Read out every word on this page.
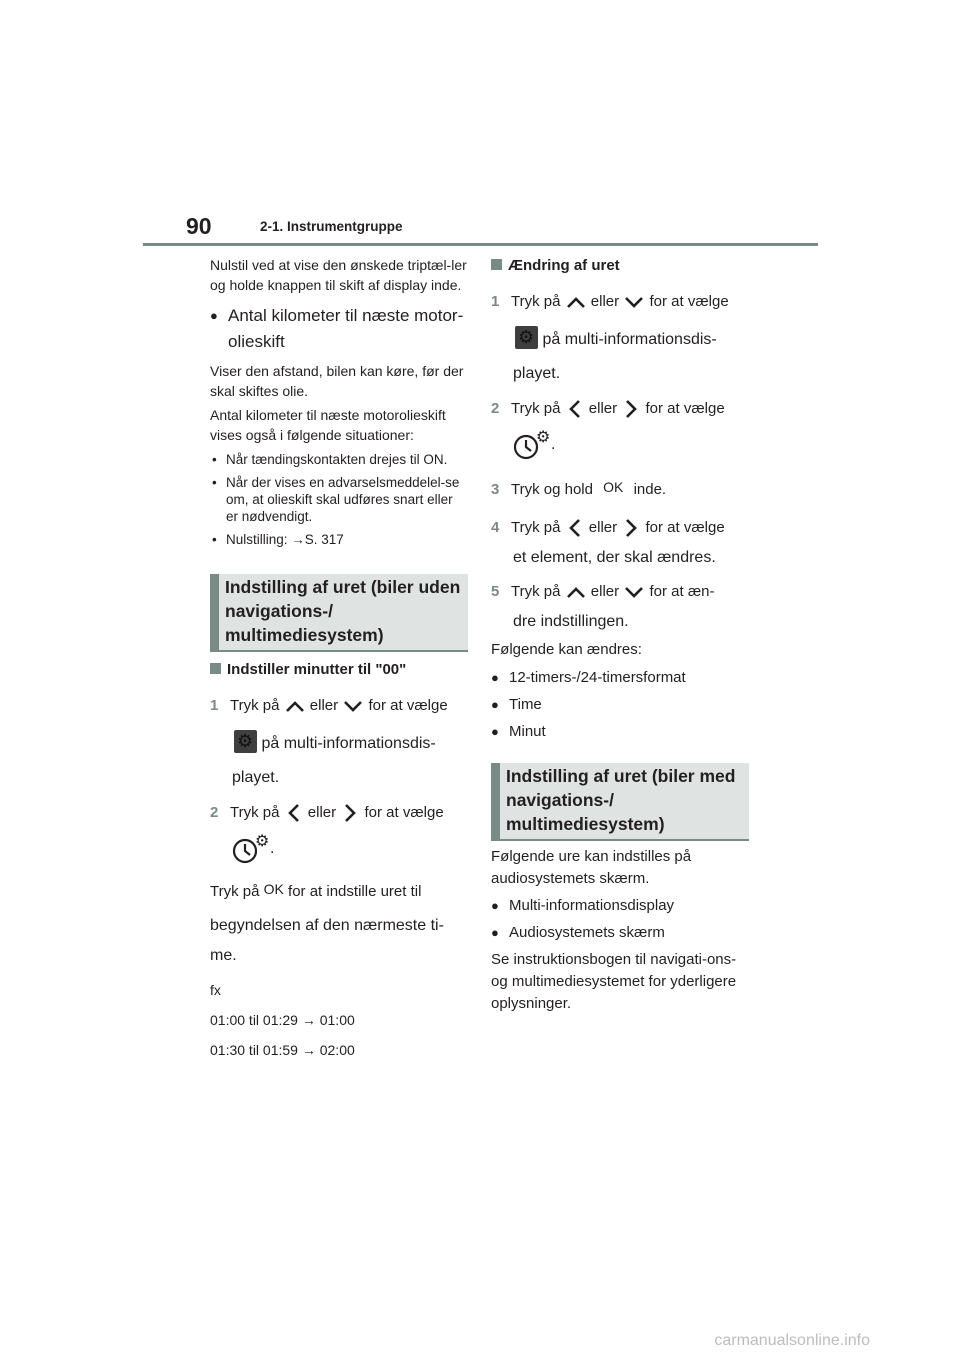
90	2-1. Instrumentgruppe

Nulstil ved at vise den ønskede triptæl-ler og holde knappen til skift af display inde.

● Antal kilometer til næste motor-olieskift

Viser den afstand, bilen kan køre, før der skal skiftes olie.

Antal kilometer til næste motorolieskift vises også i følgende situationer:

• Når tændingskontakten drejes til ON.

• Når der vises en advarselsmeddelel-se om, at olieskift skal udføres snart eller er nødvendigt.

• Nulstilling: →S. 317

Indstilling af uret (biler uden navigations-/ multimediesystem)

Indstiller minutter til "00"

1 Tryk på eller for at vælge

⚙ på multi-informationsdis-

playet.

2 Tryk på eller for at vælge

⚙ .

Tryk på OK for at indstille uret til

begyndelsen af den nærmeste ti-

me.

fx

01:00 til 01:29 → 01:00

01:30 til 01:59 → 02:00

Ændring af uret

1 Tryk på eller for at vælge

⚙ på multi-informationsdis-

playet.

2 Tryk på eller for at vælge

⚙ .

3 Tryk og hold OK inde.

4 Tryk på eller for at vælge

et element, der skal ændres.

5 Tryk på eller for at æn-

dre indstillingen.

Følgende kan ændres:

● 12-timers-/24-timersformat

● Time

● Minut

Indstilling af uret (biler med navigations-/ multimediesystem)

Følgende ure kan indstilles på audiosystemets skærm.

● Multi-informationsdisplay

● Audiosystemets skærm

Se instruktionsbogen til navigati-ons- og multimediesystemet for yderligere oplysninger.

carmanualsonline.info
